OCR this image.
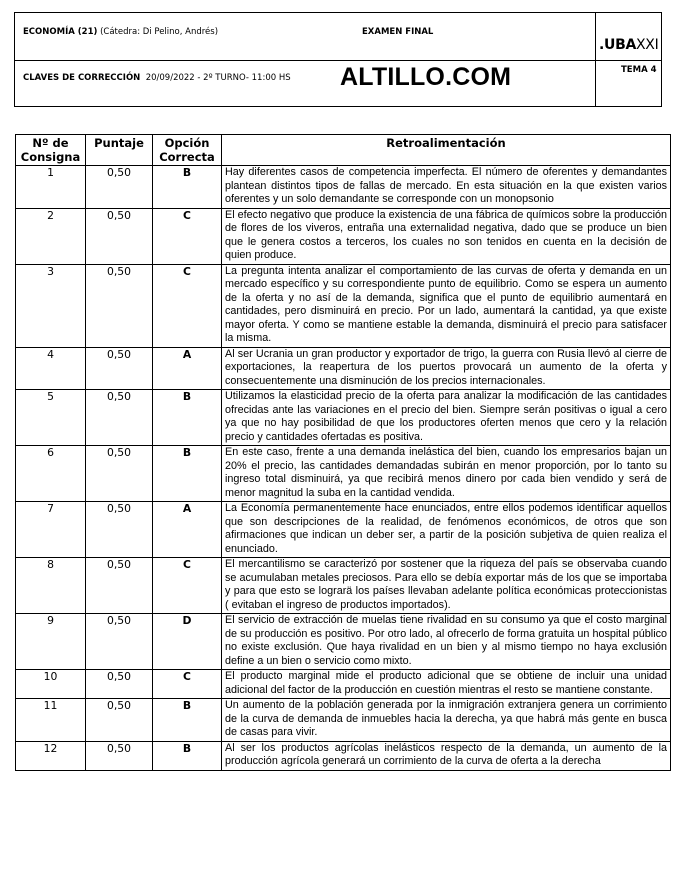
ECONOMÍA (21) (Cátedra: Di Pelino, Andrés)	EXAMEN FINAL
.UBAXXI
CLAVES DE CORRECCIÓN 20/09/2022 - 2º TURNO- 11:00 HS ALTILLO.COM	TEMA 4
Nº de Consigna	Puntaje	Opción Correcta	Retroalimentación
1	0,50	B	Hay diferentes casos de competencia imperfecta. El número de oferentes y demandantes plantean distintos tipos de fallas de mercado. En esta situación en la que existen varios oferentes y un solo demandante se corresponde con un monopsonio
2	0,50	C	El efecto negativo que produce la existencia de una fábrica de químicos sobre la producción de flores de los viveros, entraña una externalidad negativa, dado que se produce un bien que le genera costos a terceros, los cuales no son tenidos en cuenta en la decisión de quien produce.
3	0,50	C	La pregunta intenta analizar el comportamiento de las curvas de oferta y demanda en un mercado específico y su correspondiente punto de equilibrio. Como se espera un aumento de la oferta y no así de la demanda, significa que el punto de equilibrio aumentará en cantidades, pero disminuirá en precio. Por un lado, aumentará la cantidad, ya que existe mayor oferta. Y como se mantiene estable la demanda, disminuirá el precio para satisfacer la misma.
4	0,50	A	Al ser Ucrania un gran productor y exportador de trigo, la guerra con Rusia llevó al cierre de exportaciones, la reapertura de los puertos provocará un aumento de la oferta y consecuentemente una disminución de los precios internacionales.
5	0,50	B	Utilizamos la elasticidad precio de la oferta para analizar la modificación de las cantidades ofrecidas ante las variaciones en el precio del bien. Siempre serán positivas o igual a cero ya que no hay posibilidad de que los productores oferten menos que cero y la relación precio y cantidades ofertadas es positiva.
6	0,50	B	En este caso, frente a una demanda inelástica del bien, cuando los empresarios bajan un 20% el precio, las cantidades demandadas subirán en menor proporción, por lo tanto su ingreso total disminuirá, ya que recibirá menos dinero por cada bien vendido y será de menor magnitud la suba en la cantidad vendida.
7	0,50	A	La Economía permanentemente hace enunciados, entre ellos podemos identificar aquellos que son descripciones de la realidad, de fenómenos económicos, de otros que son afirmaciones que indican un deber ser, a partir de la posición subjetiva de quien realiza el enunciado.
8	0,50	C	El mercantilismo se caracterizó por sostener que la riqueza del país se observaba cuando se acumulaban metales preciosos. Para ello se debía exportar más de los que se importaba y para que esto se lograrä los países llevaban adelante política económicas proteccionistas ( evitaban el ingreso de productos importados).
9	0,50	D	El servicio de extracción de muelas tiene rivalidad en su consumo ya que el costo marginal de su producción es positivo. Por otro lado, al ofrecerlo de forma gratuita un hospital público no existe exclusión. Que haya rivalidad en un bien y al mismo tiempo no haya exclusión define a un bien o servicio como mixto.
10	0,50	C	El producto marginal mide el producto adicional que se obtiene de incluir una unidad adicional del factor de la producción en cuestión mientras el resto se mantiene constante.
11	0,50	B	Un aumento de la población generada por la inmigración extranjera genera un corrimiento de la curva de demanda de inmuebles hacia la derecha, ya que habrá más gente en busca de casas para vivir.
12	0,50	B	Al ser los productos agrícolas inelásticos respecto de la demanda, un aumento de la producción agrícola generará un corrimiento de la curva de oferta a la derecha
